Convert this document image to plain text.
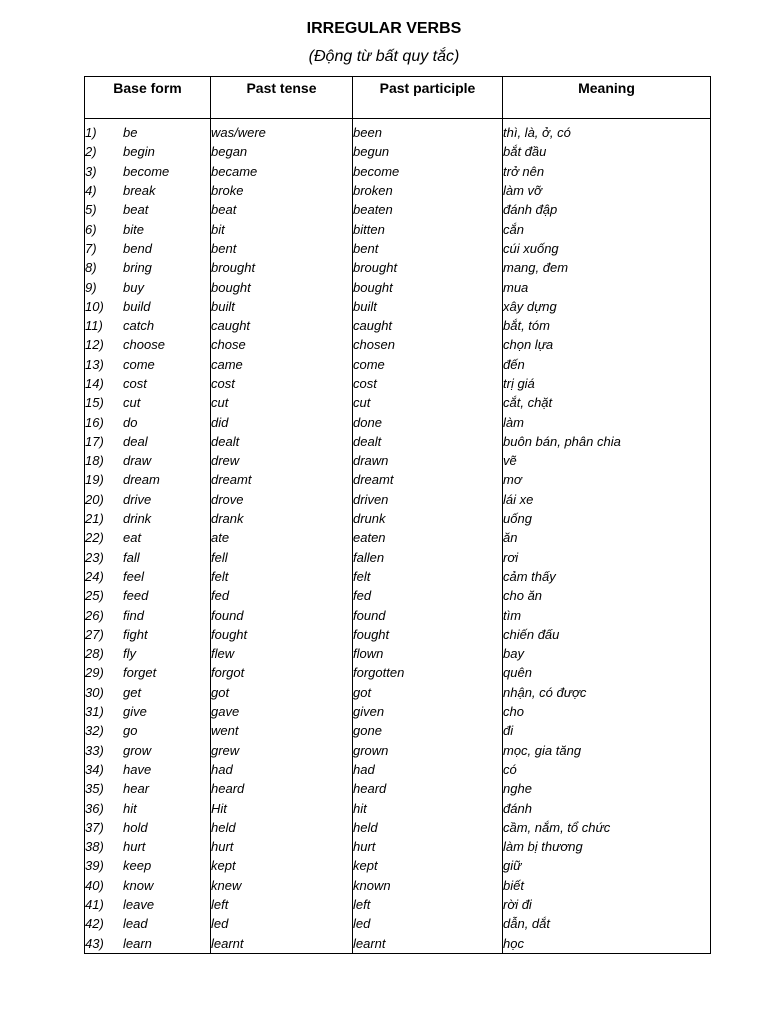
IRREGULAR VERBS
(Động từ bất quy tắc)
Base form	Past tense	Past participle	Meaning

1) be	was/were	been	thì, là, ở, có
2) begin	began	begun	bắt đầu
3) become	became	become	trở nên
4) break	broke	broken	làm vỡ
5) beat	beat	beaten	đánh đập
6) bite	bit	bitten	cắn
7) bend	bent	bent	cúi xuống
8) bring	brought	brought	mang, đem
9) buy	bought	bought	mua
10) build	built	built	xây dựng
11) catch	caught	caught	bắt, tóm
12) choose	chose	chosen	chọn lựa
13) come	came	come	đến
14) cost	cost	cost	trị giá
15) cut	cut	cut	cắt, chặt
16) do	did	done	làm
17) deal	dealt	dealt	buôn bán, phân chia
18) draw	drew	drawn	vẽ
19) dream	dreamt	dreamt	mơ
20) drive	drove	driven	lái xe
21) drink	drank	drunk	uống
22) eat	ate	eaten	ăn
23) fall	fell	fallen	rơi
24) feel	felt	felt	cảm thấy
25) feed	fed	fed	cho ăn
26) find	found	found	tìm
27) fight	fought	fought	chiến đấu
28) fly	flew	flown	bay
29) forget	forgot	forgotten	quên
30) get	got	got	nhận, có được
31) give	gave	given	cho
32) go	went	gone	đi
33) grow	grew	grown	mọc, gia tăng
34) have	had	had	có
35) hear	heard	heard	nghe
36) hit	Hit	hit	đánh
37) hold	held	held	cầm, nắm, tổ chức
38) hurt	hurt	hurt	làm bị thương
39) keep	kept	kept	giữ
40) know	knew	known	biết
41) leave	left	left	rời đi
42) lead	led	led	dẫn, dắt
43) learn	learnt	learnt	học
